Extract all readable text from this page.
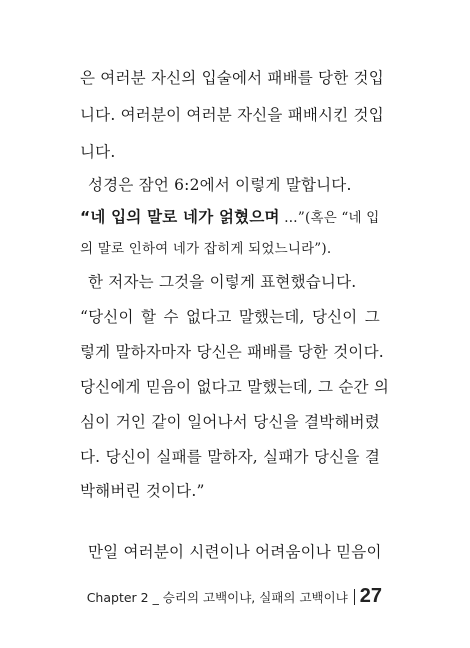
은 여러분 자신의 입술에서 패배를 당한 것입
니다. 여러분이 여러분 자신을 패배시킨 것입
니다.
성경은 잠언 6:2에서 이렇게 말합니다.
“네 입의 말로 네가 얽혔으며 …”(혹은 “네 입
의 말로 인하여 네가 잡히게 되었느니라”).
한 저자는 그것을 이렇게 표현했습니다.
“당신이 할 수 없다고 말했는데, 당신이 그
렇게 말하자마자 당신은 패배를 당한 것이다.
당신에게 믿음이 없다고 말했는데, 그 순간 의
심이 거인 같이 일어나서 당신을 결박해버렸
다. 당신이 실패를 말하자, 실패가 당신을 결
박해버린 것이다.”
만일 여러분이 시련이나 어려움이나 믿음이
Chapter 2 _ 승리의 고백이냐, 실패의 고백이냐 27
